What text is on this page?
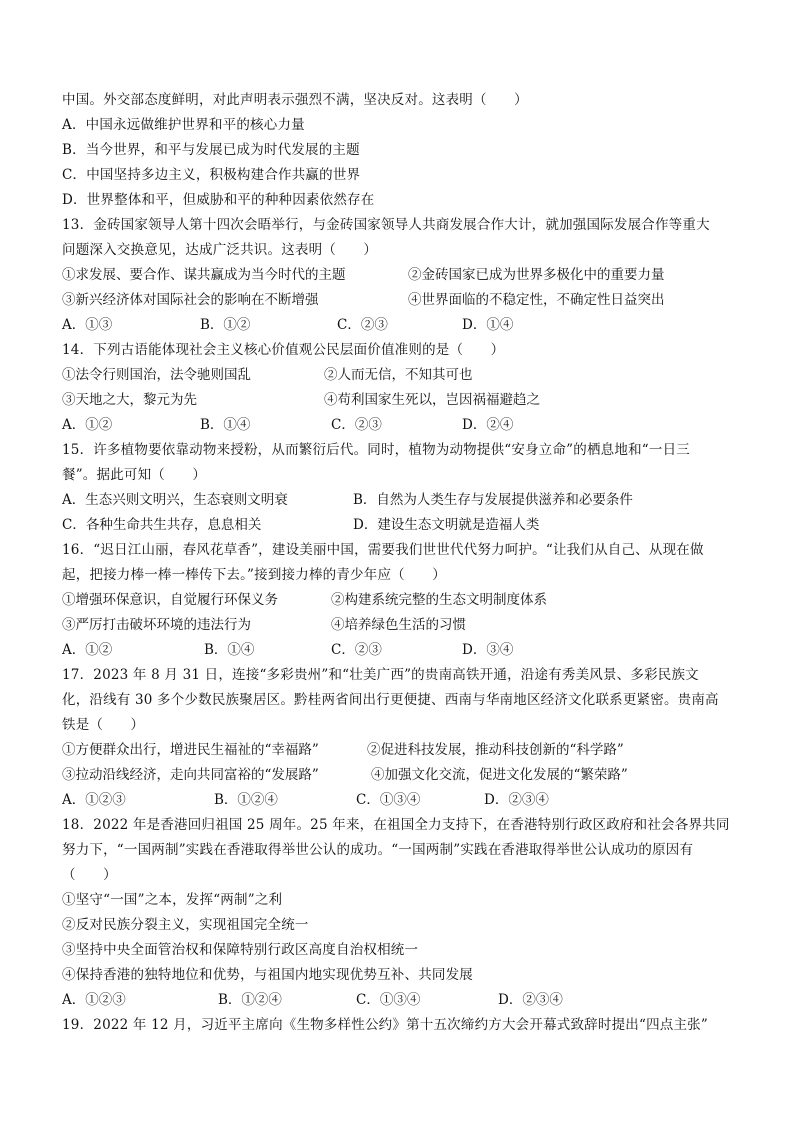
中国。外交部态度鲜明，对此声明表示强烈不满，坚决反对。这表明（　　）
A．中国永远做维护世界和平的核心力量
B．当今世界，和平与发展已成为时代发展的主题
C．中国坚持多边主义，积极构建合作共赢的世界
D．世界整体和平，但威胁和平的种种因素依然存在
13．金砖国家领导人第十四次会晤举行，与金砖国家领导人共商发展合作大计，就加强国际发展合作等重大
问题深入交换意见，达成广泛共识。这表明（　　）
①求发展、要合作、谋共赢成为当今时代的主题	②金砖国家已成为世界多极化中的重要力量
③新兴经济体对国际社会的影响在不断增强	④世界面临的不稳定性，不确定性日益突出
A．①③	B．①②	C．②③	D．①④
14．下列古语能体现社会主义核心价值观公民层面价值准则的是（　　）
①法令行则国治，法令驰则国乱	②人而无信，不知其可也
③天地之大，黎元为先	④苟利国家生死以，岂因祸福避趋之
A．①②	B．①④	C．②③	D．②④
15．许多植物要依靠动物来授粉，从而繁衍后代。同时，植物为动物提供“安身立命”的栖息地和“一日三
餐”。据此可知（　　）
A．生态兴则文明兴，生态衰则文明衰	B．自然为人类生存与发展提供滋养和必要条件
C．各种生命共生共存，息息相关	D．建设生态文明就是造福人类
16．“迟日江山丽，春风花草香”，建设美丽中国，需要我们世世代代努力呵护。“让我们从自己、从现在做
起，把接力棒一棒一棒传下去。”接到接力棒的青少年应（　　）
①增强环保意识，自觉履行环保义务	②构建系统完整的生态文明制度体系
③严厉打击破坏环境的违法行为	④培养绿色生活的习惯
A．①②	B．①④	C．②③	D．③④
17．2023 年 8 月 31 日，连接“多彩贵州”和“壮美广西”的贵南高铁开通，沿途有秀美风景、多彩民族文
化，沿线有 30 多个少数民族聚居区。黔桂两省间出行更便捷、西南与华南地区经济文化联系更紧密。贵南高
铁是（　　）
①方便群众出行，增进民生福祉的“幸福路”	②促进科技发展，推动科技创新的“科学路”
③拉动沿线经济，走向共同富裕的“发展路”	④加强文化交流，促进文化发展的“繁荣路”
A．①②③	B．①②④	C．①③④	D．②③④
18．2022 年是香港回归祖国 25 周年。25 年来，在祖国全力支持下，在香港特别行政区政府和社会各界共同
努力下，“一国两制”实践在香港取得举世公认的成功。“一国两制”实践在香港取得举世公认成功的原因有
（　　）
①坚守“一国”之本，发挥“两制”之利
②反对民族分裂主义，实现祖国完全统一
③坚持中央全面管治权和保障特别行政区高度自治权相统一
④保持香港的独特地位和优势，与祖国内地实现优势互补、共同发展
A．①②③	B．①②④	C．①③④	D．②③④
19．2022 年 12 月，习近平主席向《生物多样性公约》第十五次缔约方大会开幕式致辞时提出“四点主张”
